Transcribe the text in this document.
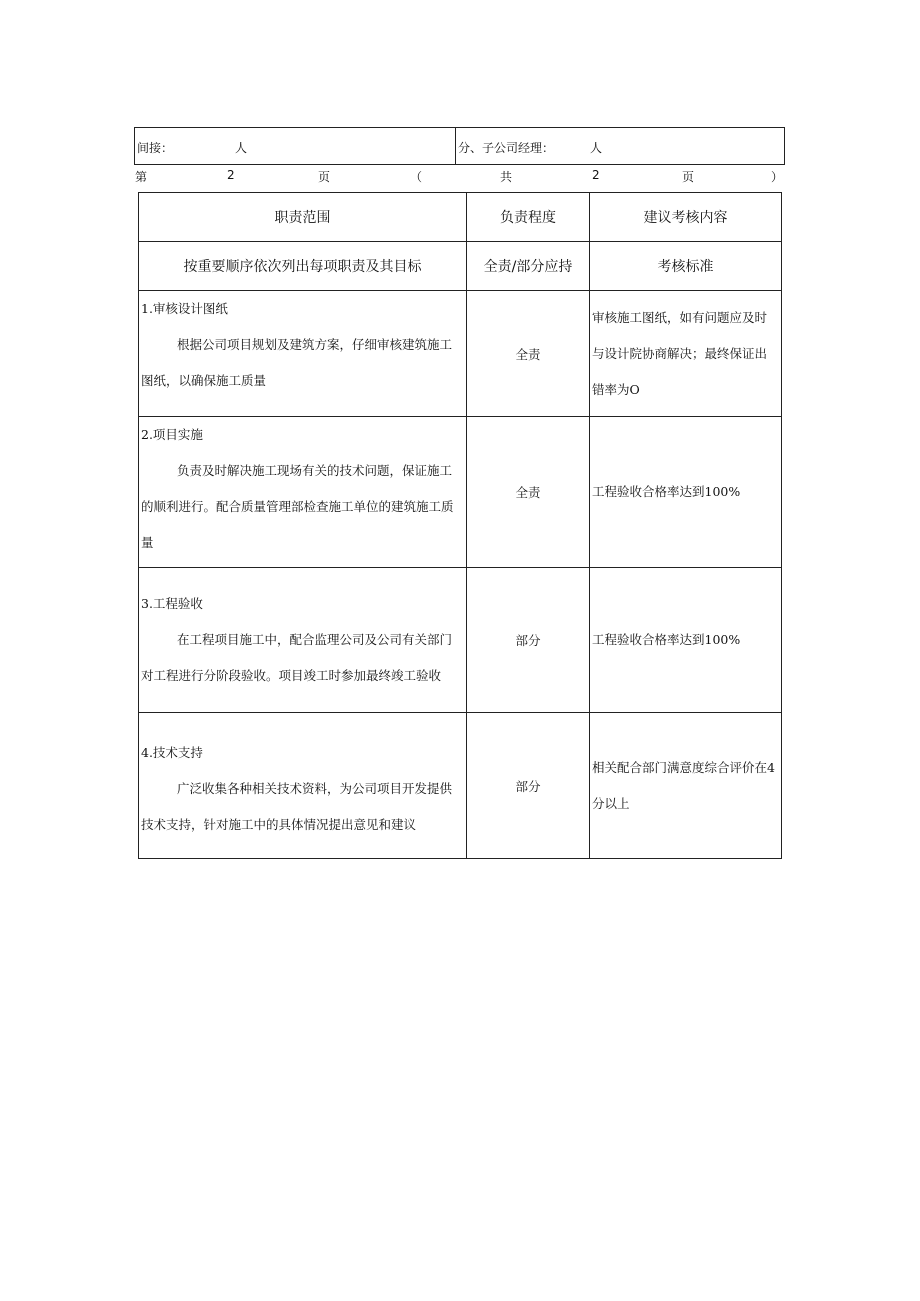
间接：	人	分、子公司经理：	人
第	2	页	（	共	2	页	）
职责范围	负责程度	建议考核内容
按重要顺序依次列出每项职责及其目标	全责/部分应持	考核标准

1.审核设计图纸
根据公司项目规划及建筑方案，仔细审核建筑施工图纸，以确保施工质量	全责	审核施工图纸，如有问题应及时与设计院协商解决；最终保证出错率为O

2.项目实施
负责及时解决施工现场有关的技术问题，保证施工的顺利进行。配合质量管理部检查施工单位的建筑施工质量	全责	工程验收合格率达到100%

3.工程验收
在工程项目施工中，配合监理公司及公司有关部门对工程进行分阶段验收。项目竣工时参加最终竣工验收	部分	工程验收合格率达到100%

4.技术支持
广泛收集各种相关技术资料，为公司项目开发提供技术支持，针对施工中的具体情况提出意见和建议	部分	相关配合部门满意度综合评价在4分以上
